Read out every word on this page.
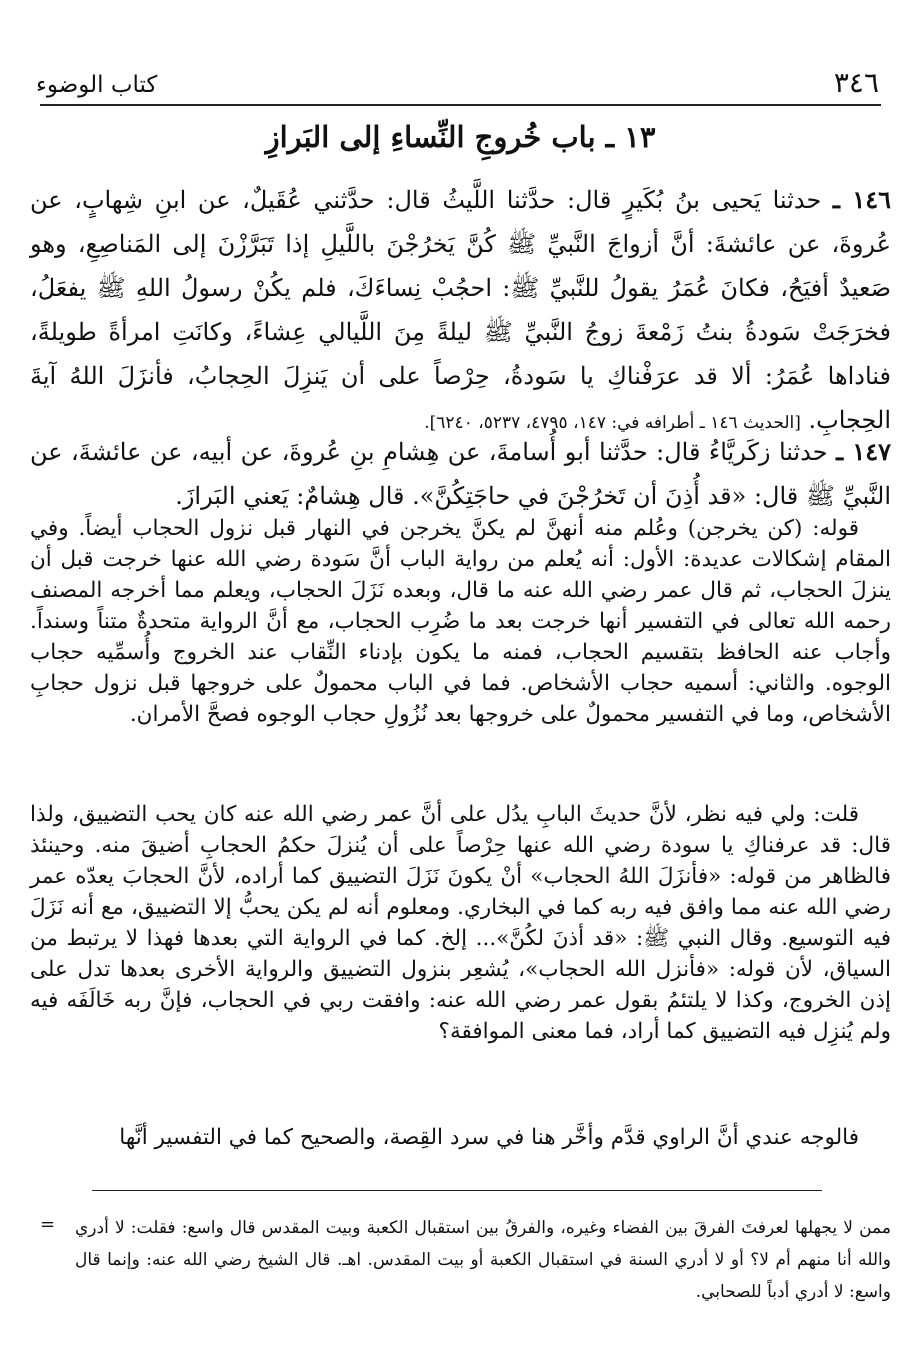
٣٤٦
كتاب الوضوء
١٣ ـ باب خُروجِ النِّساءِ إلى البَرازِ
١٤٦ ـ حدثنا يَحيى بنُ بُكَيرٍ قال: حدَّثنا اللَّيثُ قال: حدَّثني عُقَيلٌ، عن ابنِ شِهابٍ، عن عُروةَ، عن عائشةَ: أنَّ أزواجَ النَّبيِّ ﷺ كُنَّ يَخرُجْنَ باللَّيلِ إذا تَبَرَّزْنَ إلى المَناصِعِ، وهو صَعيدٌ أفيَحُ، فكانَ عُمَرُ يقولُ للنَّبيِّ ﷺ: احجُبْ نِساءَكَ، فلم يكُنْ رسولُ اللهِ ﷺ يفعَلُ، فخرَجَتْ سَودةُ بنتُ زَمْعةَ زوجُ النَّبيِّ ﷺ ليلةً مِنَ اللَّيالي عِشاءً، وكانَتِ امرأةً طويلةً، فناداها عُمَرُ: ألا قد عرَفْناكِ يا سَودةُ، حِرْصاً على أن يَنزِلَ الحِجابُ، فأنزَلَ اللهُ آيةَ الحِجابِ. [الحديث ١٤٦ ـ أطرافه في: ١٤٧، ٤٧٩٥، ٥٢٣٧، ٦٢٤٠].
١٤٧ ـ حدثنا زكَريَّاءُ قال: حدَّثنا أبو أُسامةَ، عن هِشامِ بنِ عُروةَ، عن أبيه، عن عائشةَ، عن النَّبيِّ ﷺ قال: «قد أُذِنَ أن تَخرُجْنَ في حاجَتِكُنَّ». قال هِشامٌ: يَعني البَرازَ.

قوله: (كن يخرجن) وعُلم منه أنهنَّ لم يكنَّ يخرجن في النهار قبل نزول الحجاب أيضاً. وفي المقام إشكالات عديدة: الأول: أنه يُعلم من رواية الباب أنَّ سَودة رضي الله عنها خرجت قبل أن ينزلَ الحجاب، ثم قال عمر رضي الله عنه ما قال، وبعده نَزَلَ الحجاب، ويعلم مما أخرجه المصنف رحمه الله تعالى في التفسير أنها خرجت بعد ما ضُرِب الحجاب، مع أنَّ الرواية متحدةٌ متناً وسنداً. وأجاب عنه الحافظ بتقسيم الحجاب، فمنه ما يكون بإدناء النِّقاب عند الخروج وأُسمِّيه حجاب الوجوه. والثاني: أسميه حجاب الأشخاص. فما في الباب محمولٌ على خروجها قبل نزول حجابِ الأشخاص، وما في التفسير محمولٌ على خروجها بعد نُزُولِ حجاب الوجوه فصحَّ الأمران.

قلت: ولي فيه نظر، لأنَّ حديثَ البابِ يدُل على أنَّ عمر رضي الله عنه كان يحب التضييق، ولذا قال: قد عرفناكِ يا سودة رضي الله عنها حِرْصاً على أن يُنزلَ حكمُ الحجابِ أضيقَ منه. وحينئذ فالظاهر من قوله: «فأنزَلَ اللهُ الحجاب» أنْ يكونَ نَزَلَ التضييق كما أراده، لأنَّ الحجابَ يعدّه عمر رضي الله عنه مما وافق فيه ربه كما في البخاري. ومعلوم أنه لم يكن يحبُّ إلا التضييق، مع أنه نَزَلَ فيه التوسيع. وقال النبي ﷺ: «قد أذنَ لكُنَّ»... إلخ. كما في الرواية التي بعدها فهذا لا يرتبط من السياق، لأن قوله: «فأنزل الله الحجاب»، يُشعِر بنزول التضييق والرواية الأخرى بعدها تدل على إذن الخروج، وكذا لا يلتئمُ بقول عمر رضي الله عنه: وافقت ربي في الحجاب، فإنَّ ربه خَالَفَه فيه ولم يُنزِل فيه التضييق كما أراد، فما معنى الموافقة؟

فالوجه عندي أنَّ الراوي قدَّم وأخَّر هنا في سرد القِصة، والصحيح كما في التفسير أنَّها

= ممن لا يجهلها لعرفتَ الفرقَ بين الفضاء وغيره، والفرقُ بين استقبال الكعبة وبيت المقدس قال واسع: فقلت: لا أدري والله أنا منهم أم لا؟ أو لا أدري السنة في استقبال الكعبة أو بيت المقدس. اهـ. قال الشيخ رضي الله عنه: وإنما قال واسع: لا أدري أدباً للصحابي.
